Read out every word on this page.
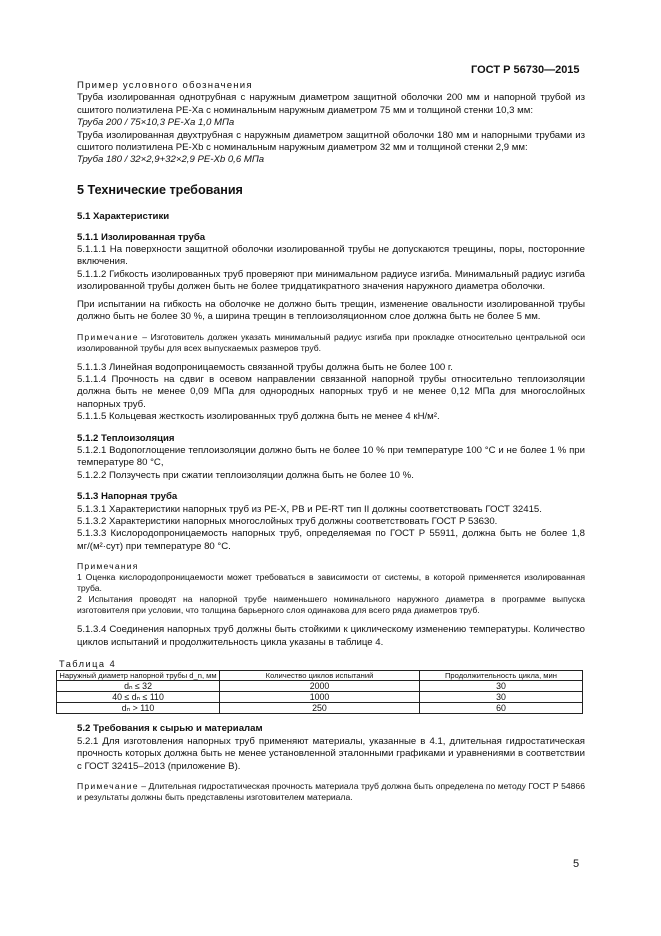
ГОСТ Р 56730—2015

Пример условного обозначения

Труба изолированная однотрубная с наружным диаметром защитной оболочки 200 мм и напорной трубой из сшитого полиэтилена PE-Xa с номинальным наружным диаметром 75 мм и толщиной стенки 10,3 мм:

Труба 200 / 75×10,3 PE-Xa 1,0 МПа

Труба изолированная двухтрубная с наружным диаметром защитной оболочки 180 мм и напорными трубами из сшитого полиэтилена PE-Xb с номинальным наружным диаметром 32 мм и толщиной стенки 2,9 мм:

Труба 180 / 32×2,9+32×2,9 PE-Xb 0,6 МПа

5 Технические требования

5.1 Характеристики

5.1.1 Изолированная труба

5.1.1.1 На поверхности защитной оболочки изолированной трубы не допускаются трещины, поры, посторонние включения.

5.1.1.2 Гибкость изолированных труб проверяют при минимальном радиусе изгиба. Минимальный радиус изгиба изолированной трубы должен быть не более тридцатикратного значения наружного диаметра оболочки.

При испытании на гибкость на оболочке не должно быть трещин, изменение овальности изолированной трубы должно быть не более 30 %, а ширина трещин в теплоизоляционном слое должна быть не более 5 мм.

Примечание – Изготовитель должен указать минимальный радиус изгиба при прокладке относительно центральной оси изолированной трубы для всех выпускаемых размеров труб.

5.1.1.3 Линейная водопроницаемость связанной трубы должна быть не более 100 г.

5.1.1.4 Прочность на сдвиг в осевом направлении связанной напорной трубы относительно теплоизоляции должна быть не менее 0,09 МПа для однородных напорных труб и не менее 0,12 МПа для многослойных напорных труб.

5.1.1.5 Кольцевая жесткость изолированных труб должна быть не менее 4 кН/м².

5.1.2 Теплоизоляция

5.1.2.1 Водопоглощение теплоизоляции должно быть не более 10 % при температуре 100 °С и не более 1 % при температуре 80 °С,

5.1.2.2 Ползучесть при сжатии теплоизоляции должна быть не более 10 %.

5.1.3 Напорная труба

5.1.3.1 Характеристики напорных труб из PE-X, PB и PE-RT тип II должны соответствовать ГОСТ 32415.

5.1.3.2 Характеристики напорных многослойных труб должны соответствовать ГОСТ Р 53630.

5.1.3.3 Кислородопроницаемость напорных труб, определяемая по ГОСТ Р 55911, должна быть не более 1,8 мг/(м²·сут) при температуре 80 °С.

Примечания

1 Оценка кислородопроницаемости может требоваться в зависимости от системы, в которой применяется изолированная труба.

2 Испытания проводят на напорной трубе наименьшего номинального наружного диаметра в программе выпуска изготовителя при условии, что толщина барьерного слоя одинакова для всего ряда диаметров труб.

5.1.3.4 Соединения напорных труб должны быть стойкими к циклическому изменению температуры. Количество циклов испытаний и продолжительность цикла указаны в таблице 4.

Таблица 4

Наружный диаметр напорной трубы d_n, мм	Количество циклов испытаний	Продолжительность цикла, мин
dₙ ≤ 32	2000	30
40 ≤ dₙ ≤ 110	1000	30
dₙ > 110	250	60

5.2 Требования к сырью и материалам

5.2.1 Для изготовления напорных труб применяют материалы, указанные в 4.1, длительная гидростатическая прочность которых должна быть не менее установленной эталонными графиками и уравнениями в соответствии с ГОСТ 32415–2013 (приложение В).

Примечание – Длительная гидростатическая прочность материала труб должна быть определена по методу ГОСТ Р 54866 и результаты должны быть представлены изготовителем материала.

5
